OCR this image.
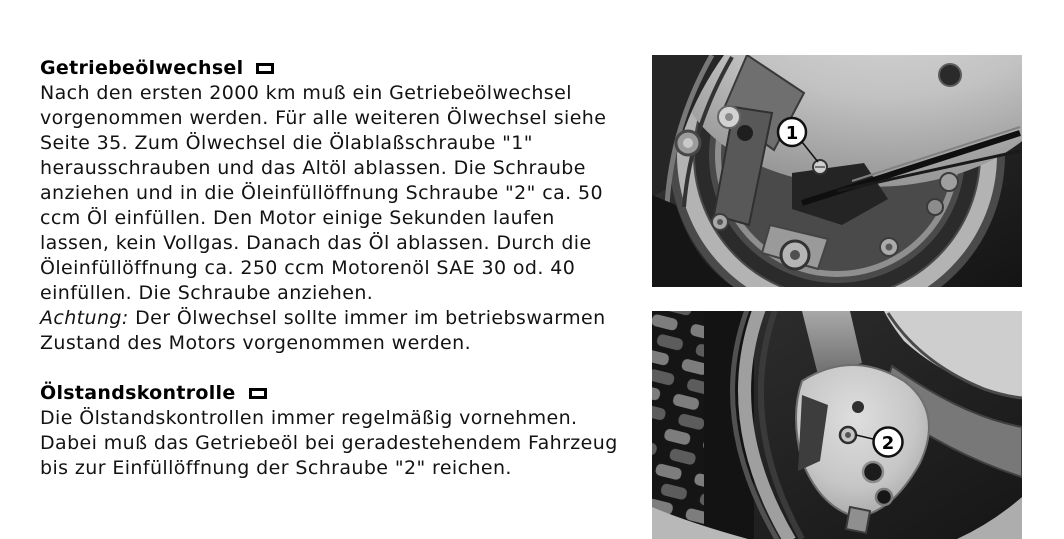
Getriebeölwechsel
Nach den ersten 2000 km muß ein Getriebeölwechsel
vorgenommen werden. Für alle weiteren Ölwechsel siehe
Seite 35. Zum Ölwechsel die Ölablaßschraube "1"
herausschrauben und das Altöl ablassen. Die Schraube
anziehen und in die Öleinfüllöffnung Schraube "2" ca. 50
ccm Öl einfüllen. Den Motor einige Sekunden laufen
lassen, kein Vollgas. Danach das Öl ablassen. Durch die
Öleinfüllöffnung ca. 250 ccm Motorenöl SAE 30 od. 40
einfüllen. Die Schraube anziehen.
Achtung: Der Ölwechsel sollte immer im betriebswarmen
Zustand des Motors vorgenommen werden.
Ölstandskontrolle
Die Ölstandskontrollen immer regelmäßig vornehmen.
Dabei muß das Getriebeöl bei geradestehendem Fahrzeug
bis zur Einfüllöffnung der Schraube "2" reichen.
1
2
